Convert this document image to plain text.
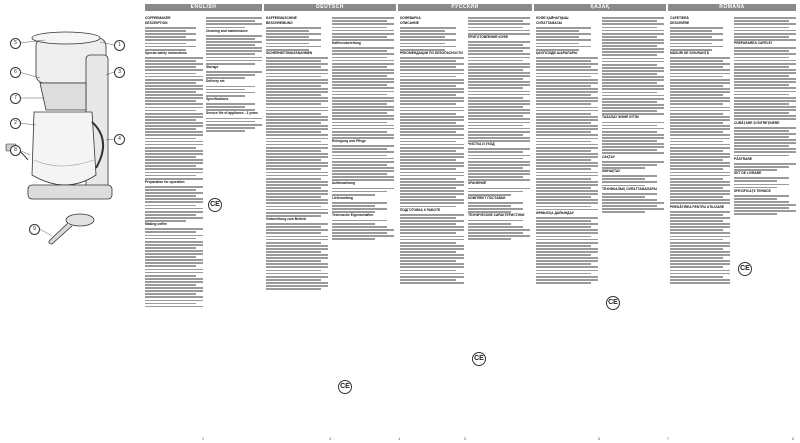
5
6
7
2
8
1
3
4
9
ENGLISH	DEUTSCH	РУССКИЙ	ҚАЗАҚ	ROMÂNĂ
COFFEEMAKER
DESCRIPTION
Special safety instructions
Preparation for operation
Making coffee
Cleaning and maintenance
Storage
Delivery set
Specifications
Service life of appliance - 3 years
CE
KAFFEEMASCHINE
BESCHREIBUNG
SICHERHEITSMASSNAHMEN
Vorbereitung zum Betrieb
Kaffeezubereitung
Reinigung und Pflege
Aufbewahrung
Lieferumfang
Technische Eigenschaften
CE
КОФЕВАРКА
ОПИСАНИЕ
РЕКОМЕНДАЦИИ ПО БЕЗОПАСНОСТИ
ПОДГОТОВКА К РАБОТЕ
ПРИГОТОВЛЕНИЕ КОФЕ
ЧИСТКА И УХОД
ХРАНЕНИЕ
КОМПЛЕКТ ПОСТАВКИ
ТЕХНИЧЕСКИЕ ХАРАКТЕРИСТИКИ
CE
КОФЕ ҚАЙНАТҚЫШ
СИПАТТАМАСЫ
ҚАУІПСІЗДІК ШАРАЛАРЫ
ЖҰМЫСҚА ДАЙЫНДАУ
ТАЗАЛАУ ЖӘНЕ КҮТІМ
САҚТАУ
ЖИНАҚТАУ
ТЕХНИКАЛЫҚ СИПАТТАМАЛАРЫ
CE
CAFETIERĂ
DESCRIERE
MĂSURI DE SIGURANȚĂ
PREGĂTIREA PENTRU UTILIZARE
PREPARAREA CAFELEI
CURĂȚARE ȘI ÎNTREȚINERE
PĂSTRARE
SET DE LIVRARE
SPECIFICAȚII TEHNICE
CE
2	3	4	5	6	7	8
